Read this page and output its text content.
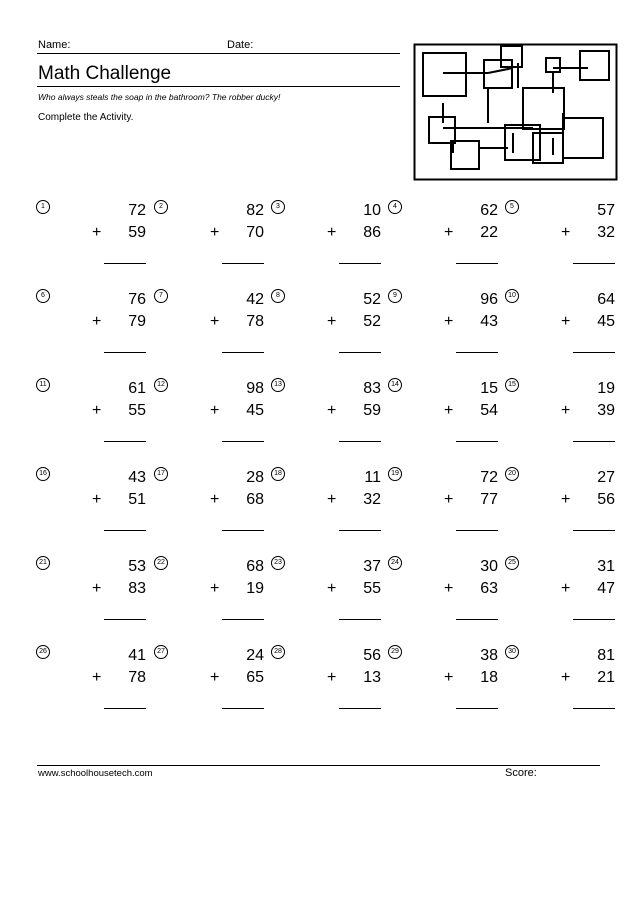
Name:	Date:
Math Challenge
Who always steals the soap in the bathroom? The robber ducky!
Complete the Activity.
1	72
+ 59
2	82
+ 70
3	10
+ 86
4	62
+ 22
5	57
+ 32
6	76
+ 79
7	42
+ 78
8	52
+ 52
9	96
+ 43
10	64
+ 45
11	61
+ 55
12	98
+ 45
13	83
+ 59
14	15
+ 54
15	19
+ 39
16	43
+ 51
17	28
+ 68
18	11
+ 32
19	72
+ 77
20	27
+ 56
21	53
+ 83
22	68
+ 19
23	37
+ 55
24	30
+ 63
25	31
+ 47
26	41
+ 78
27	24
+ 65
28	56
+ 13
29	38
+ 18
30	81
+ 21
www.schoolhousetech.com	Score:
